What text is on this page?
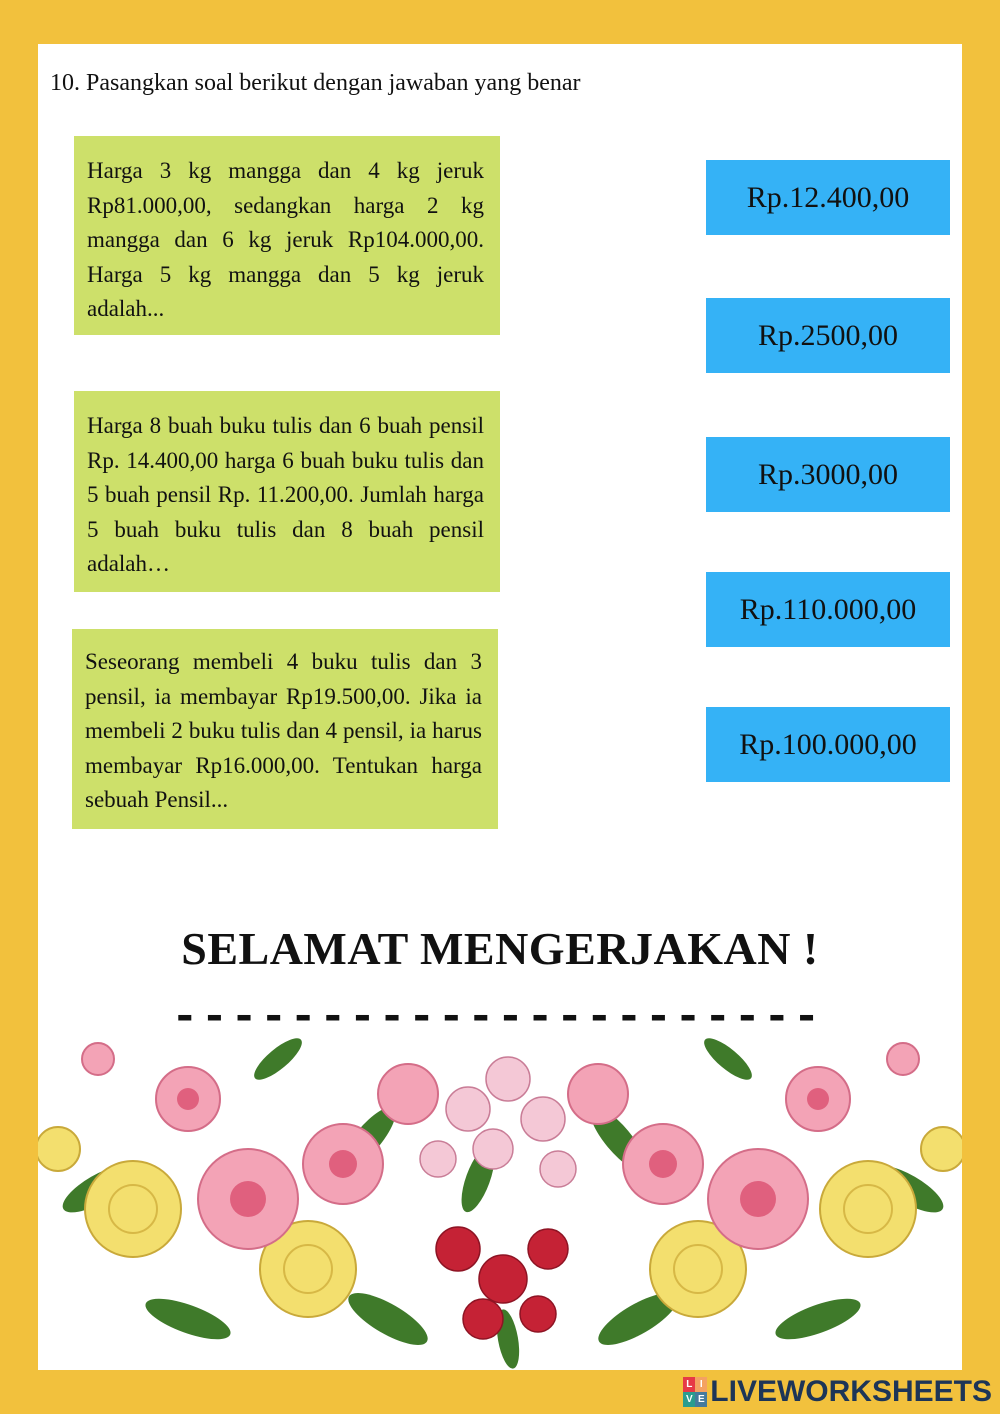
10. Pasangkan soal berikut dengan jawaban yang benar
Harga 3 kg mangga dan 4 kg jeruk Rp81.000,00, sedangkan harga 2 kg mangga dan 6 kg jeruk Rp104.000,00. Harga 5 kg mangga dan 5 kg jeruk adalah...
Harga 8 buah buku tulis dan 6 buah pensil Rp. 14.400,00 harga 6 buah buku tulis dan 5 buah pensil Rp. 11.200,00. Jumlah harga 5 buah buku tulis dan 8 buah pensil adalah…
Seseorang membeli 4 buku tulis dan 3 pensil, ia membayar Rp19.500,00. Jika ia membeli 2 buku tulis dan 4 pensil, ia harus membayar Rp16.000,00. Tentukan harga sebuah Pensil...
Rp.12.400,00
Rp.2500,00
Rp.3000,00
Rp.110.000,00
Rp.100.000,00
SELAMAT MENGERJAKAN !
----------------------
L I
V E LIVEWORKSHEETS
